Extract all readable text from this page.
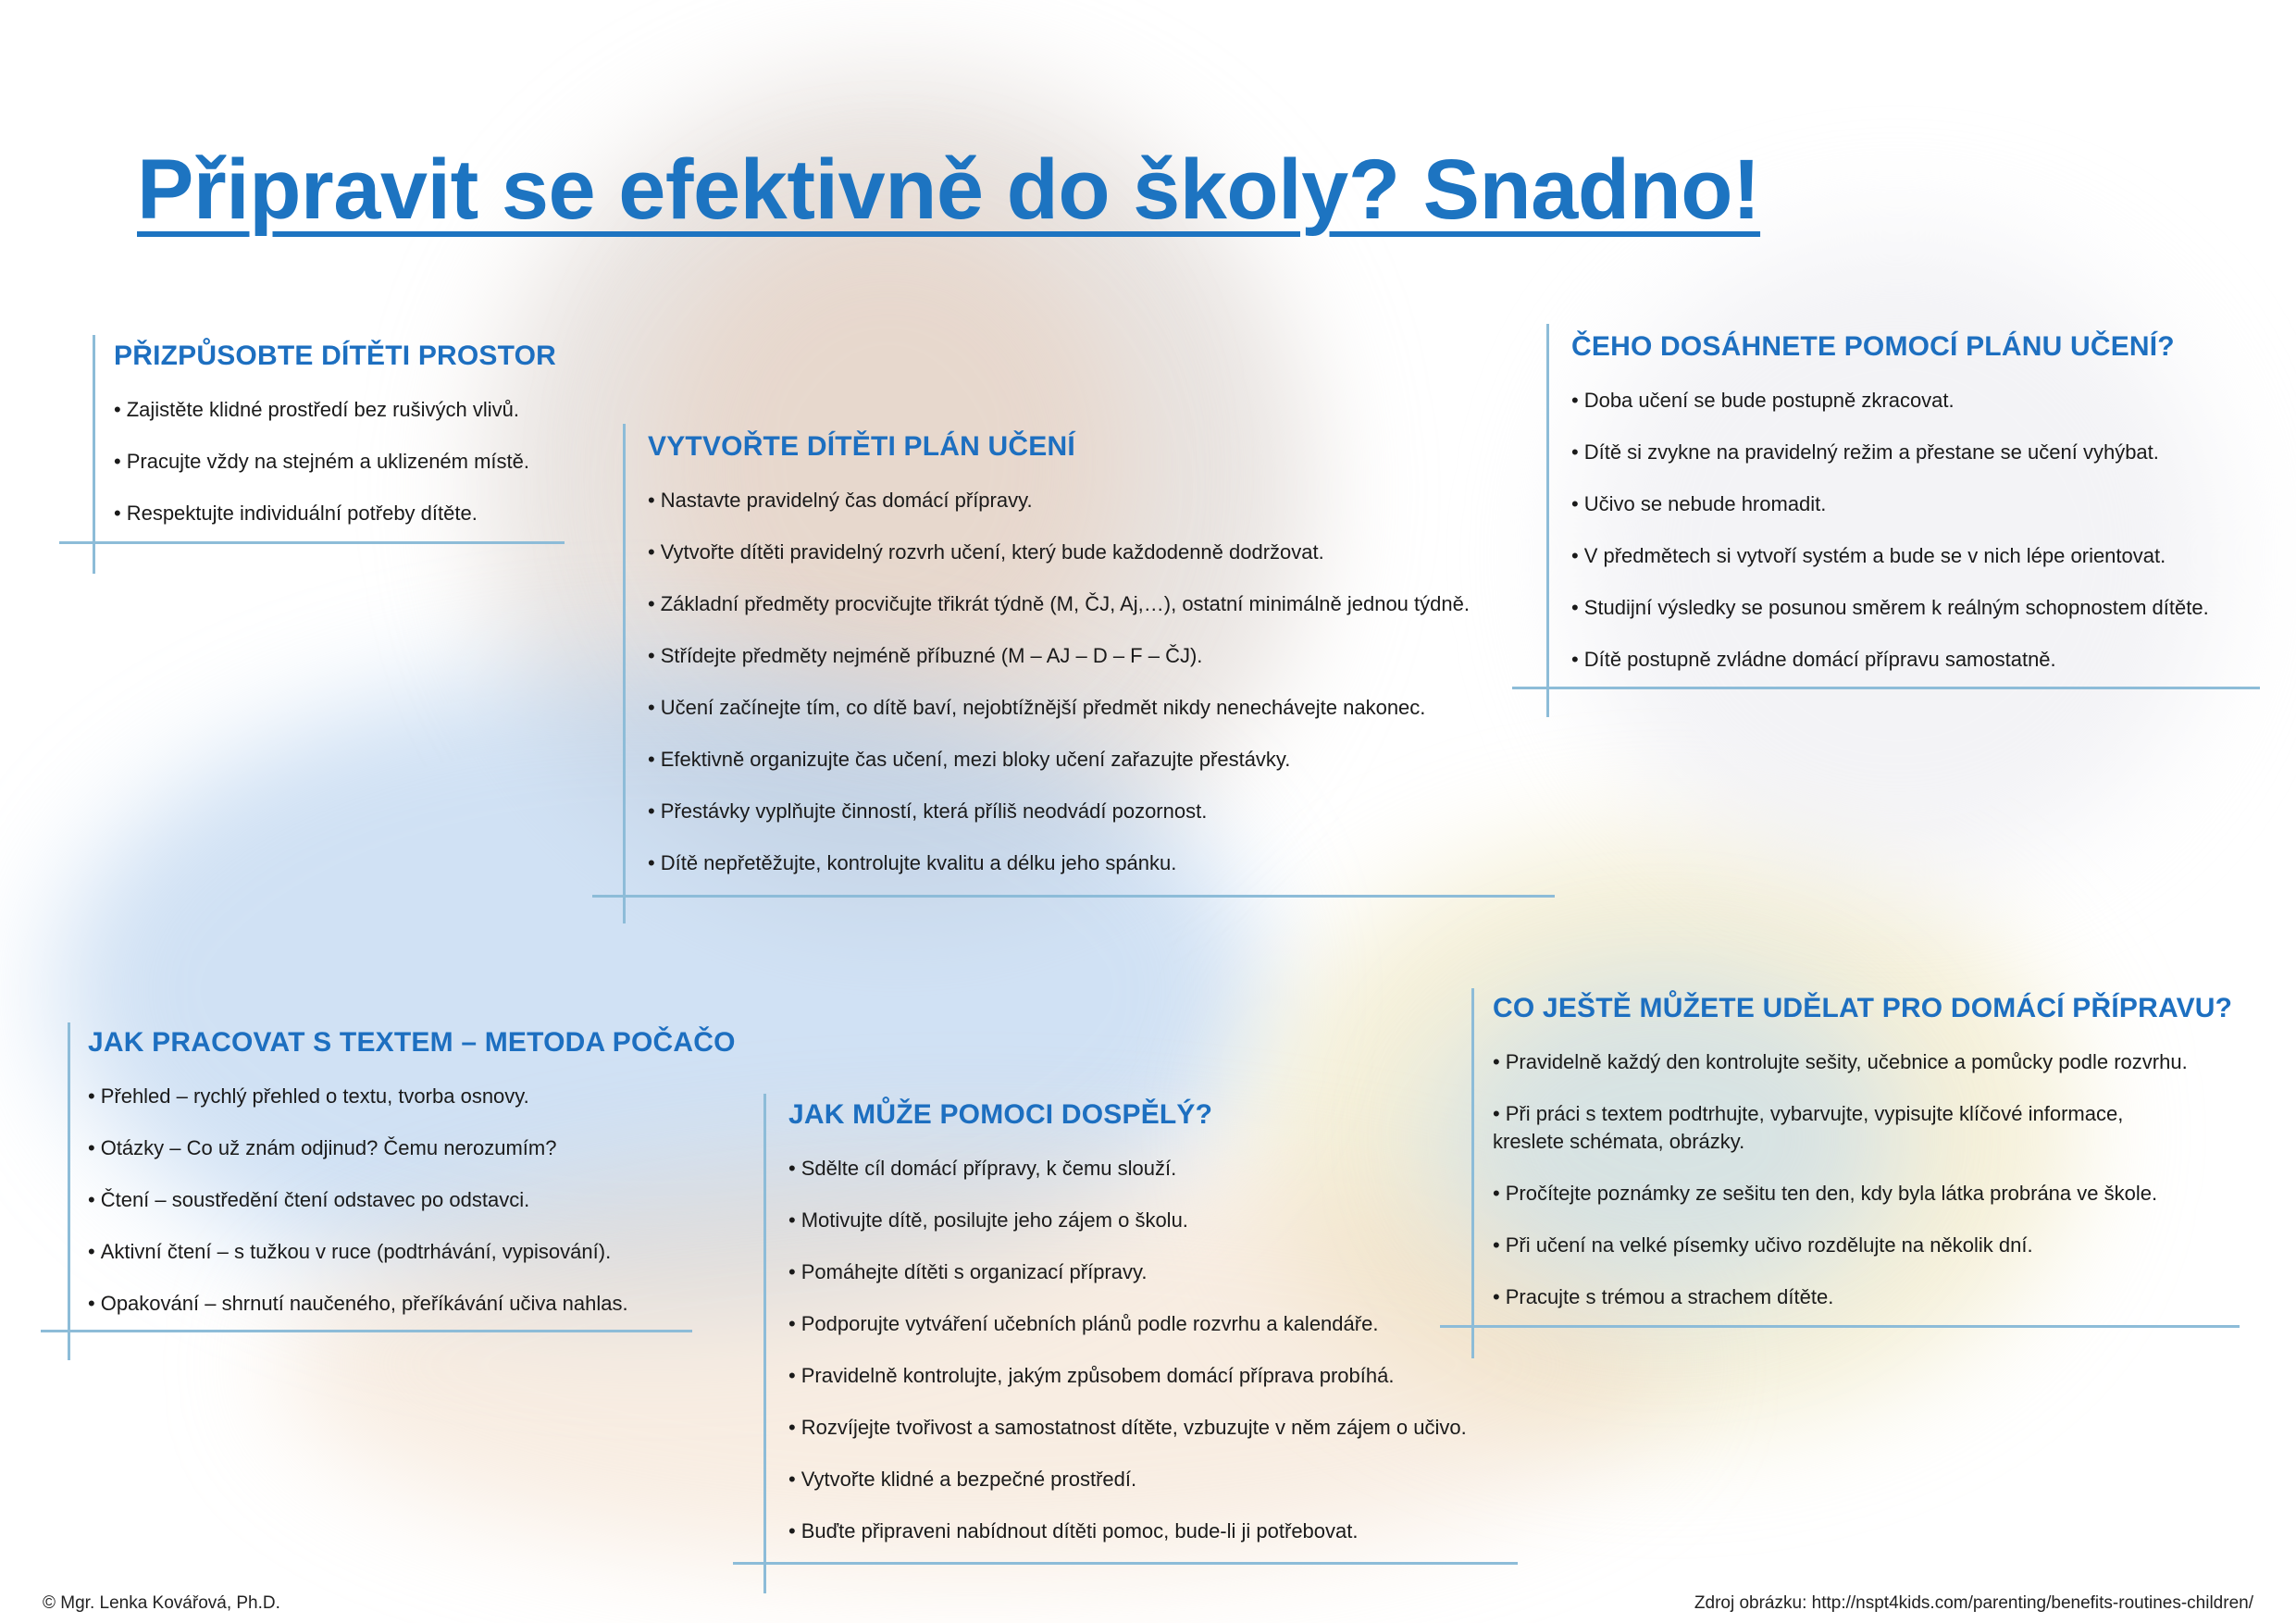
Připravit se efektivně do školy? Snadno!
PŘIZPŮSOBTE DÍTĚTI PROSTOR
• Zajistěte klidné prostředí bez rušivých vlivů.
• Pracujte vždy na stejném a uklizeném místě.
• Respektujte individuální potřeby dítěte.
VYTVOŘTE DÍTĚTI PLÁN UČENÍ
• Nastavte pravidelný čas domácí přípravy.
• Vytvořte dítěti pravidelný rozvrh učení, který bude každodenně dodržovat.
• Základní předměty procvičujte třikrát týdně (M, ČJ, Aj,…), ostatní minimálně jednou týdně.
• Střídejte předměty nejméně příbuzné (M – AJ – D – F – ČJ).
• Učení začínejte tím, co dítě baví, nejobtížnější předmět nikdy nenechávejte nakonec.
• Efektivně organizujte čas učení, mezi bloky učení zařazujte přestávky.
• Přestávky vyplňujte činností, která příliš neodvádí pozornost.
• Dítě nepřetěžujte, kontrolujte kvalitu a délku jeho spánku.
ČEHO DOSÁHNETE POMOCÍ PLÁNU UČENÍ?
• Doba učení se bude postupně zkracovat.
• Dítě si zvykne na pravidelný režim a přestane se učení vyhýbat.
• Učivo se nebude hromadit.
• V předmětech si vytvoří systém a bude se v nich lépe orientovat.
• Studijní výsledky se posunou směrem k reálným schopnostem dítěte.
• Dítě postupně zvládne domácí přípravu samostatně.
JAK PRACOVAT S TEXTEM – METODA POČAČO
• Přehled – rychlý přehled o textu, tvorba osnovy.
• Otázky – Co už znám odjinud? Čemu nerozumím?
• Čtení – soustředění čtení odstavec po odstavci.
• Aktivní čtení – s tužkou v ruce (podtrhávání, vypisování).
• Opakování – shrnutí naučeného, přeříkávání učiva nahlas.
JAK MŮŽE POMOCI DOSPĚLÝ?
• Sdělte cíl domácí přípravy, k čemu slouží.
• Motivujte dítě, posilujte jeho zájem o školu.
• Pomáhejte dítěti s organizací přípravy.
• Podporujte vytváření učebních plánů podle rozvrhu a kalendáře.
• Pravidelně kontrolujte, jakým způsobem domácí příprava probíhá.
• Rozvíjejte tvořivost a samostatnost dítěte, vzbuzujte v něm zájem o učivo.
• Vytvořte klidné a bezpečné prostředí.
• Buďte připraveni nabídnout dítěti pomoc, bude-li ji potřebovat.
CO JEŠTĚ MŮŽETE UDĚLAT PRO DOMÁCÍ PŘÍPRAVU?
• Pravidelně každý den kontrolujte sešity, učebnice a pomůcky podle rozvrhu.
• Při práci s textem podtrhujte, vybarvujte, vypisujte klíčové informace, kreslete schémata, obrázky.
• Pročítejte poznámky ze sešitu ten den, kdy byla látka probrána ve škole.
• Při učení na velké písemky učivo rozdělujte na několik dní.
• Pracujte s trémou a strachem dítěte.
© Mgr. Lenka Kovářová, Ph.D.	Zdroj obrázku: http://nspt4kids.com/parenting/benefits-routines-children/
